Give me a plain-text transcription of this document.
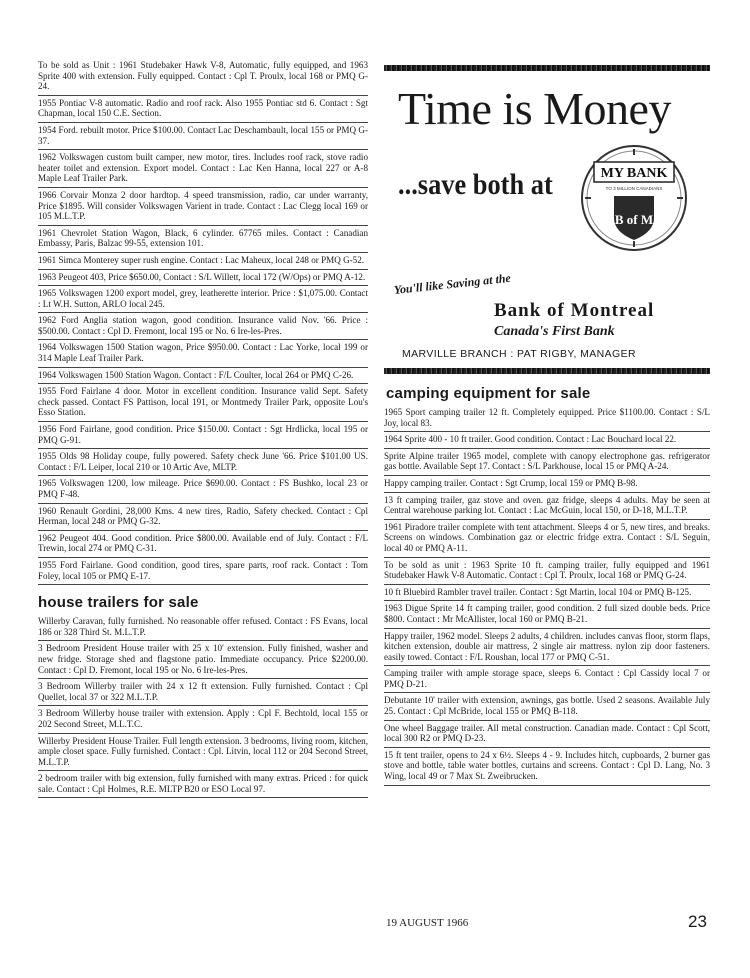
To be sold as Unit : 1961 Studebaker Hawk V-8, Automatic, fully equipped, and 1963 Sprite 400 with extension. Fully equipped. Contact : Cpl T. Proulx, local 168 or PMQ G-24.
1955 Pontiac V-8 automatic. Radio and roof rack. Also 1955 Pontiac std 6. Contact : Sgt Chapman, local 150 C.E. Section.
1954 Ford. rebuilt motor. Price $100.00. Contact Lac Deschambault, local 155 or PMQ G-37.
1962 Volkswagen custom built camper, new motor, tires. Includes roof rack, stove radio heater toilet and extension. Export model. Contact : Lac Ken Hanna, local 227 or A-8 Maple Leaf Trailer Park.
1966 Corvair Monza 2 door hardtop. 4 speed transmission, radio, car under warranty, Price $1895. Will consider Volkswagen Varient in trade. Contact : Lac Clegg local 169 or 105 M.L.T.P.
1961 Chevrolet Station Wagon, Black, 6 cylinder. 67765 miles. Contact : Canadian Embassy, Paris, Balzac 99-55, extension 101.
1961 Simca Monterey super rush engine. Contact : Lac Maheux, local 248 or PMQ G-52.
1963 Peugeot 403, Price $650.00, Contact : S/L Willett, local 172 (W/Ops) or PMQ A-12.
1965 Volkswagen 1200 export model, grey, leatherette interior. Price : $1,075.00. Contact : Lt W.H. Sutton, ARLO local 245.
1962 Ford Anglia station wagon, good condition. Insurance valid Nov. '66. Price : $500.00. Contact : Cpl D. Fremont, local 195 or No. 6 Ire-les-Pres.
1964 Volkswagen 1500 Station wagon, Price $950.00. Contact : Lac Yorke, local 199 or 314 Maple Leaf Trailer Park.
1964 Volkswagen 1500 Station Wagon. Contact : F/L Coulter, local 264 or PMQ C-26.
1955 Ford Fairlane 4 door. Motor in excellent condition. Insurance valid Sept. Safety check passed. Contact FS Pattison, local 191, or Montmedy Trailer Park, opposite Lou's Esso Station.
1956 Ford Fairlane, good condition. Price $150.00. Contact : Sgt Hrdlicka, local 195 or PMQ G-91.
1955 Olds 98 Holiday coupe, fully powered. Safety check June '66. Price $101.00 US. Contact : F/L Leiper, local 210 or 10 Artic Ave, MLTP.
1965 Volkswagen 1200, low mileage. Price $690.00. Contact : FS Bushko, local 23 or PMQ F-48.
1960 Renault Gordini, 28,000 Kms. 4 new tires, Radio, Safety checked. Contact : Cpl Herman, local 248 or PMQ G-32.
1962 Peugeot 404. Good condition. Price $800.00. Available end of July. Contact : F/L Trewin, local 274 or PMQ C-31.
1955 Ford Fairlane. Good condition, good tires, spare parts, roof rack. Contact : Tom Foley, local 105 or PMQ E-17.
house trailers for sale
Willerby Caravan, fully furnished. No reasonable offer refused. Contact : FS Evans, local 186 or 328 Third St. M.L.T.P.
3 Bedroom President House trailer with 25 x 10' extension. Fully finished, washer and new fridge. Storage shed and flagstone patio. Immediate occupancy. Price $2200.00. Contact : Cpl D. Fremont, local 195 or No. 6 Ire-les-Pres.
3 Bedroom Willerby trailer with 24 x 12 ft extension. Fully furnished. Contact : Cpl Quellet, local 37 or 322 M.L.T.P.
3 Bedroom Willerby house trailer with extension. Apply : Cpl F. Bechtold, local 155 or 202 Second Street, M.L.T.C.
Willerby President House Trailer. Full length extension. 3 bedrooms, living room, kitchen, ample closet space. Fully furnished. Contact : Cpl. Litvin, local 112 or 204 Second Street, M.L.T.P.
2 bedroom trailer with big extension, fully furnished with many extras. Priced : for quick sale. Contact : Cpl Holmes, R.E. MLTP B20 or ESO Local 97.
Time is Money
...save both at	MY BANK
TO 3 MILLION CANADIANS
B of M
You'll like Saving at the
Bank of Montreal
Canada's First Bank
MARVILLE BRANCH : PAT RIGBY, MANAGER
camping equipment for sale
1965 Sport camping trailer 12 ft. Completely equipped. Price $1100.00. Contact : S/L Joy, local 83.
1964 Sprite 400 - 10 ft trailer. Good condition. Contact : Lac Bouchard local 22.
Sprite Alpine trailer 1965 model, complete with canopy electrophone gas. refrigerator gas bottle. Available Sept 17. Contact : S/L Parkhouse, local 15 or PMQ A-24.
Happy camping trailer. Contact : Sgt Crump, local 159 or PMQ B-98.
13 ft camping trailer, gaz stove and oven. gaz fridge, sleeps 4 adults. May be seen at Central warehouse parking lot. Contact : Lac McGuin, local 150, or D-18, M.L.T.P.
1961 Piradore trailer complete with tent attachment. Sleeps 4 or 5, new tires, and breaks. Screens on windows. Combination gaz or electric fridge extra. Contact : S/L Seguin, local 40 or PMQ A-11.
To be sold as unit : 1963 Sprite 10 ft. camping trailer, fully equipped and 1961 Studebaker Hawk V-8 Automatic. Contact : Cpl T. Proulx, local 168 or PMQ G-24.
10 ft Bluebird Rambler travel trailer. Contact : Sgt Martin, local 104 or PMQ B-125.
1963 Digue Sprite 14 ft camping trailer, good condition. 2 full sized double beds. Price $800. Contact : Mr McAllister, local 160 or PMQ B-21.
Happy trailer, 1962 model. Sleeps 2 adults, 4 children. includes canvas floor, storm flaps, kitchen extension, double air mattress, 2 single air mattress. nylon zip door fasteners. easily towed. Contact : F/L Roushan, local 177 or PMQ C-51.
Camping trailer with ample storage space, sleeps 6. Contact : Cpl Cassidy local 7 or PMQ D-21.
Debutante 10' trailer with extension, awnings, gas bottle. Used 2 seasons. Available July 25. Contact : Cpl McBride, local 155 or PMQ B-118.
One wheel Baggage trailer. All metal construction. Canadian made. Contact : Cpl Scott, local 300 R2 or PMQ D-23.
15 ft tent trailer, opens to 24 x 6½. Sleeps 4 - 9. Includes hitch, cupboards, 2 burner gas stove and bottle, table water bottles, curtains and screens. Contact : Cpl D. Lang, No. 3 Wing, local 49 or 7 Max St. Zweibrucken.
19 AUGUST 1966	23
